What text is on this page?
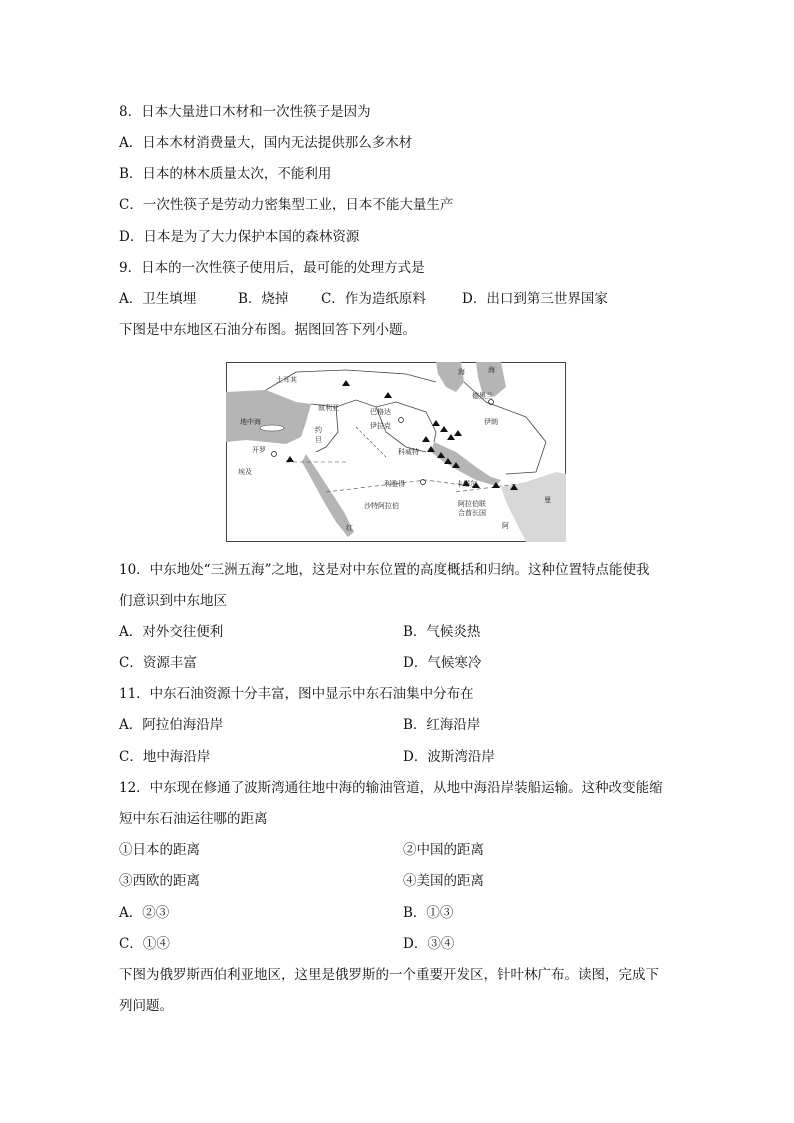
8．日本大量进口木材和一次性筷子是因为
A．日本木材消费量大，国内无法提供那么多木材
B．日本的林木质量太次，不能利用
C．一次性筷子是劳动力密集型工业，日本不能大量生产
D．日本是为了大力保护本国的森林资源
9．日本的一次性筷子使用后，最可能的处理方式是
A．卫生填埋	B．烧掉 C．作为造纸原料	D．出口到第三世界国家
下图是中东地区石油分布图。据图回答下列小题。
土耳其
海	海
叙利亚	巴格达
德黑兰
伊朗
伊拉克
地中海
约
旦
科威特
开罗
利雅得
沙特阿拉伯	阿拉伯联
合酋长国
卡塔尔
红	阿
曼
埃及
10．中东地处“三洲五海”之地，这是对中东位置的高度概括和归纳。这种位置特点能使我
们意识到中东地区
A．对外交往便利	B．气候炎热
C．资源丰富	D．气候寒冷
11．中东石油资源十分丰富，图中显示中东石油集中分布在
A．阿拉伯海沿岸	B．红海沿岸
C．地中海沿岸	D．波斯湾沿岸
12．中东现在修通了波斯湾通往地中海的输油管道，从地中海沿岸装船运输。这种改变能缩
短中东石油运往哪的距离
①日本的距离	②中国的距离
③西欧的距离	④美国的距离
A．②③	B．①③
C．①④	D．③④
下图为俄罗斯西伯利亚地区，这里是俄罗斯的一个重要开发区，针叶林广布。读图，完成下
列问题。
